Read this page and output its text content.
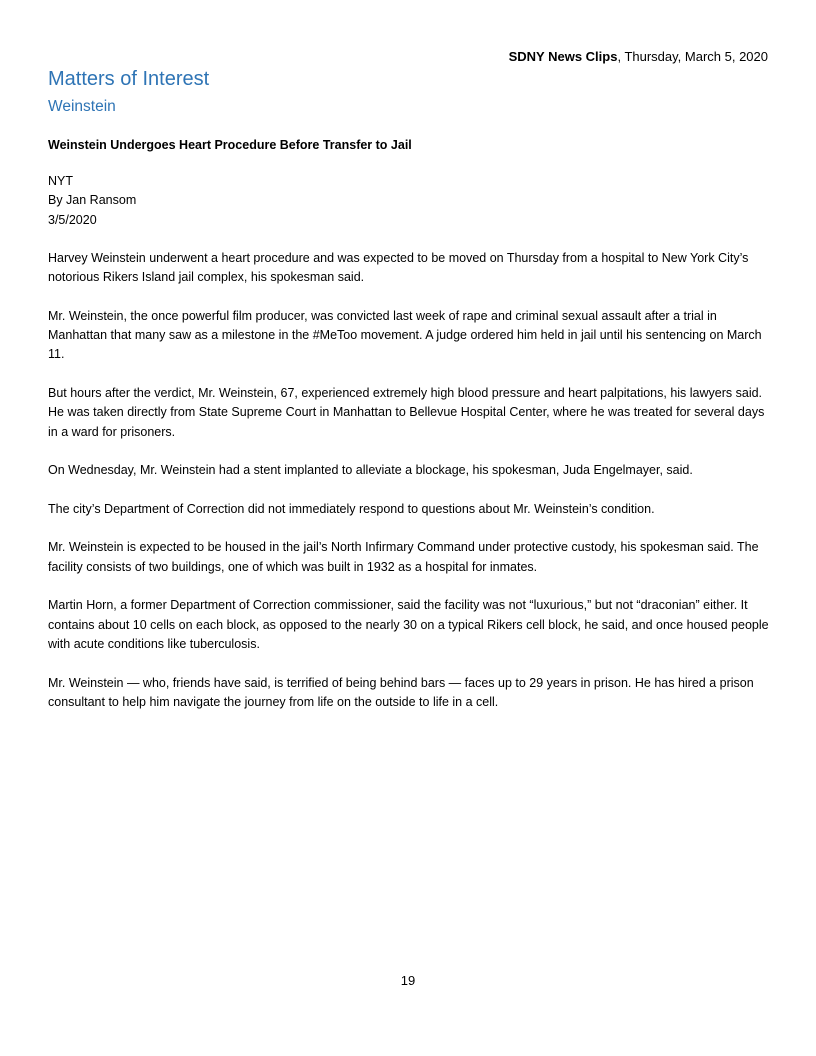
SDNY News Clips, Thursday, March 5, 2020
Matters of Interest
Weinstein
Weinstein Undergoes Heart Procedure Before Transfer to Jail
NYT
By Jan Ransom
3/5/2020

Harvey Weinstein underwent a heart procedure and was expected to be moved on Thursday from a hospital to New York City’s notorious Rikers Island jail complex, his spokesman said.

Mr. Weinstein, the once powerful film producer, was convicted last week of rape and criminal sexual assault after a trial in Manhattan that many saw as a milestone in the #MeToo movement. A judge ordered him held in jail until his sentencing on March 11.

But hours after the verdict, Mr. Weinstein, 67, experienced extremely high blood pressure and heart palpitations, his lawyers said. He was taken directly from State Supreme Court in Manhattan to Bellevue Hospital Center, where he was treated for several days in a ward for prisoners.

On Wednesday, Mr. Weinstein had a stent implanted to alleviate a blockage, his spokesman, Juda Engelmayer, said.

The city’s Department of Correction did not immediately respond to questions about Mr. Weinstein’s condition.

Mr. Weinstein is expected to be housed in the jail’s North Infirmary Command under protective custody, his spokesman said. The facility consists of two buildings, one of which was built in 1932 as a hospital for inmates.

Martin Horn, a former Department of Correction commissioner, said the facility was not “luxurious,” but not “draconian” either. It contains about 10 cells on each block, as opposed to the nearly 30 on a typical Rikers cell block, he said, and once housed people with acute conditions like tuberculosis.

Mr. Weinstein — who, friends have said, is terrified of being behind bars — faces up to 29 years in prison. He has hired a prison consultant to help him navigate the journey from life on the outside to life in a cell.

19
